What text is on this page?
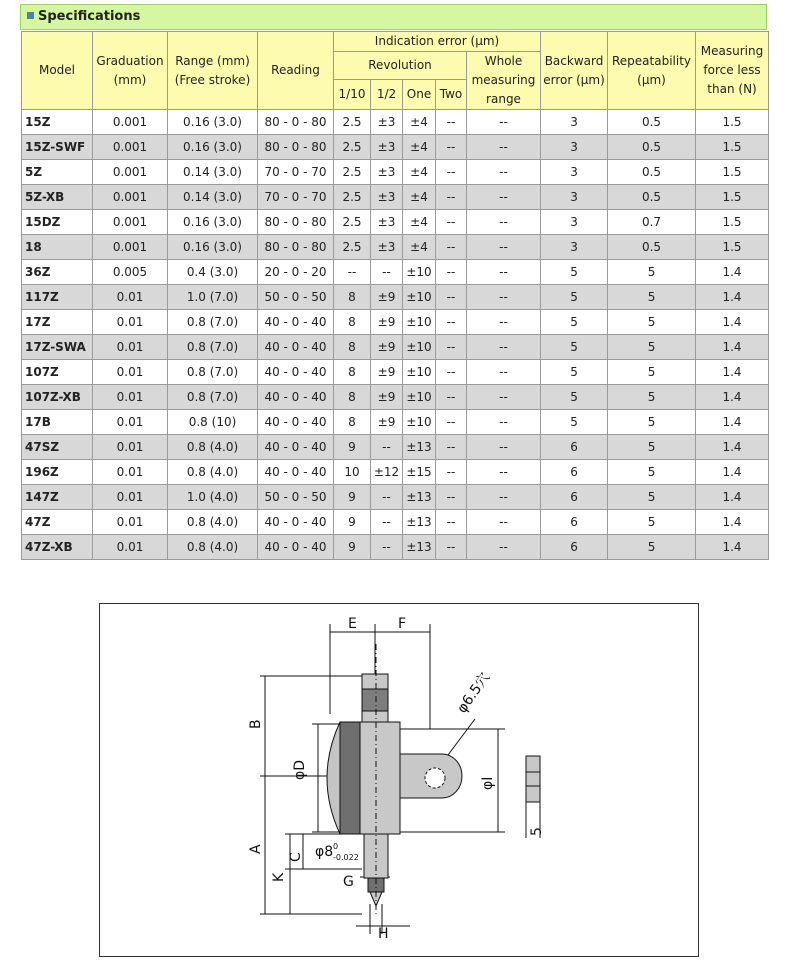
Specifications
Model	Graduation (mm)	Range (mm) (Free stroke)	Reading	Indication error (μm)					Backward error (μm)	Repeatability (μm)	Measuring force less than (N)
				Revolution				Whole measuring range			
				1/10	1/2	One	Two				
15Z	0.001	0.16 (3.0)	80 - 0 - 80	2.5	±3	±4	--	--	3	0.5	1.5
15Z-SWF	0.001	0.16 (3.0)	80 - 0 - 80	2.5	±3	±4	--	--	3	0.5	1.5
5Z	0.001	0.14 (3.0)	70 - 0 - 70	2.5	±3	±4	--	--	3	0.5	1.5
5Z-XB	0.001	0.14 (3.0)	70 - 0 - 70	2.5	±3	±4	--	--	3	0.5	1.5
15DZ	0.001	0.16 (3.0)	80 - 0 - 80	2.5	±3	±4	--	--	3	0.7	1.5
18	0.001	0.16 (3.0)	80 - 0 - 80	2.5	±3	±4	--	--	3	0.5	1.5
36Z	0.005	0.4 (3.0)	20 - 0 - 20	--	--	±10	--	--	5	5	1.4
117Z	0.01	1.0 (7.0)	50 - 0 - 50	8	±9	±10	--	--	5	5	1.4
17Z	0.01	0.8 (7.0)	40 - 0 - 40	8	±9	±10	--	--	5	5	1.4
17Z-SWA	0.01	0.8 (7.0)	40 - 0 - 40	8	±9	±10	--	--	5	5	1.4
107Z	0.01	0.8 (7.0)	40 - 0 - 40	8	±9	±10	--	--	5	5	1.4
107Z-XB	0.01	0.8 (7.0)	40 - 0 - 40	8	±9	±10	--	--	5	5	1.4
17B	0.01	0.8 (10)	40 - 0 - 40	8	±9	±10	--	--	5	5	1.4
47SZ	0.01	0.8 (4.0)	40 - 0 - 40	9	--	±13	--	--	6	5	1.4
196Z	0.01	0.8 (4.0)	40 - 0 - 40	10	±12	±15	--	--	6	5	1.4
147Z	0.01	1.0 (4.0)	50 - 0 - 50	9	--	±13	--	--	6	5	1.4
47Z	0.01	0.8 (4.0)	40 - 0 - 40	9	--	±13	--	--	6	5	1.4
47Z-XB	0.01	0.8 (4.0)	40 - 0 - 40	9	--	±13	--	--	6	5	1.4
E	F
B
A
C
K
φD
φI
φ6.5穴
φ8 0
-0.022
G
H
5
